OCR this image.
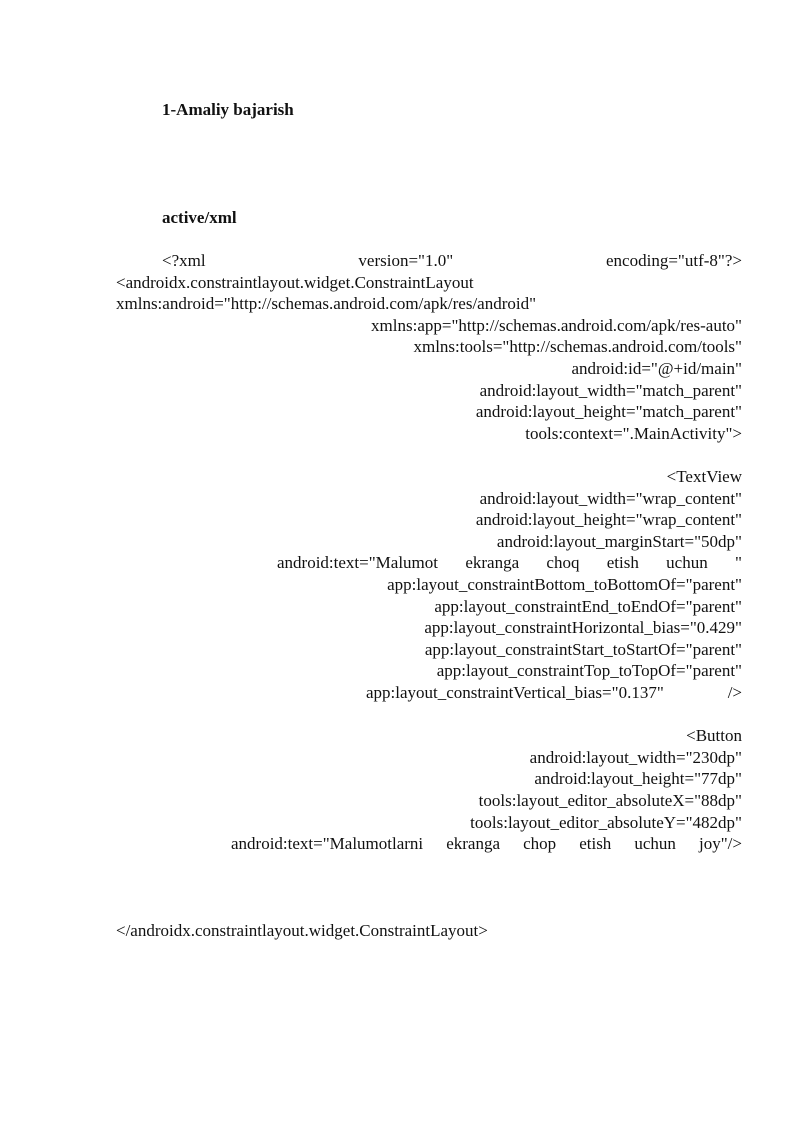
1-Amaliy bajarish
active/xml
<?xml	version="1.0"	encoding="utf-8"?>
<androidx.constraintlayout.widget.ConstraintLayout
xmlns:android="http://schemas.android.com/apk/res/android"
xmlns:app="http://schemas.android.com/apk/res-auto"
xmlns:tools="http://schemas.android.com/tools"
android:id="@+id/main"
android:layout_width="match_parent"
android:layout_height="match_parent"
tools:context=".MainActivity">
<TextView
android:layout_width="wrap_content"
android:layout_height="wrap_content"
android:layout_marginStart="50dp"
android:text="Malumot ekranga choq etish uchun "
app:layout_constraintBottom_toBottomOf="parent"
app:layout_constraintEnd_toEndOf="parent"
app:layout_constraintHorizontal_bias="0.429"
app:layout_constraintStart_toStartOf="parent"
app:layout_constraintTop_toTopOf="parent"
app:layout_constraintVertical_bias="0.137"	/>
<Button
android:layout_width="230dp"
android:layout_height="77dp"
tools:layout_editor_absoluteX="88dp"
tools:layout_editor_absoluteY="482dp"
android:text="Malumotlarni ekranga chop etish uchun joy"/>
</androidx.constraintlayout.widget.ConstraintLayout>
